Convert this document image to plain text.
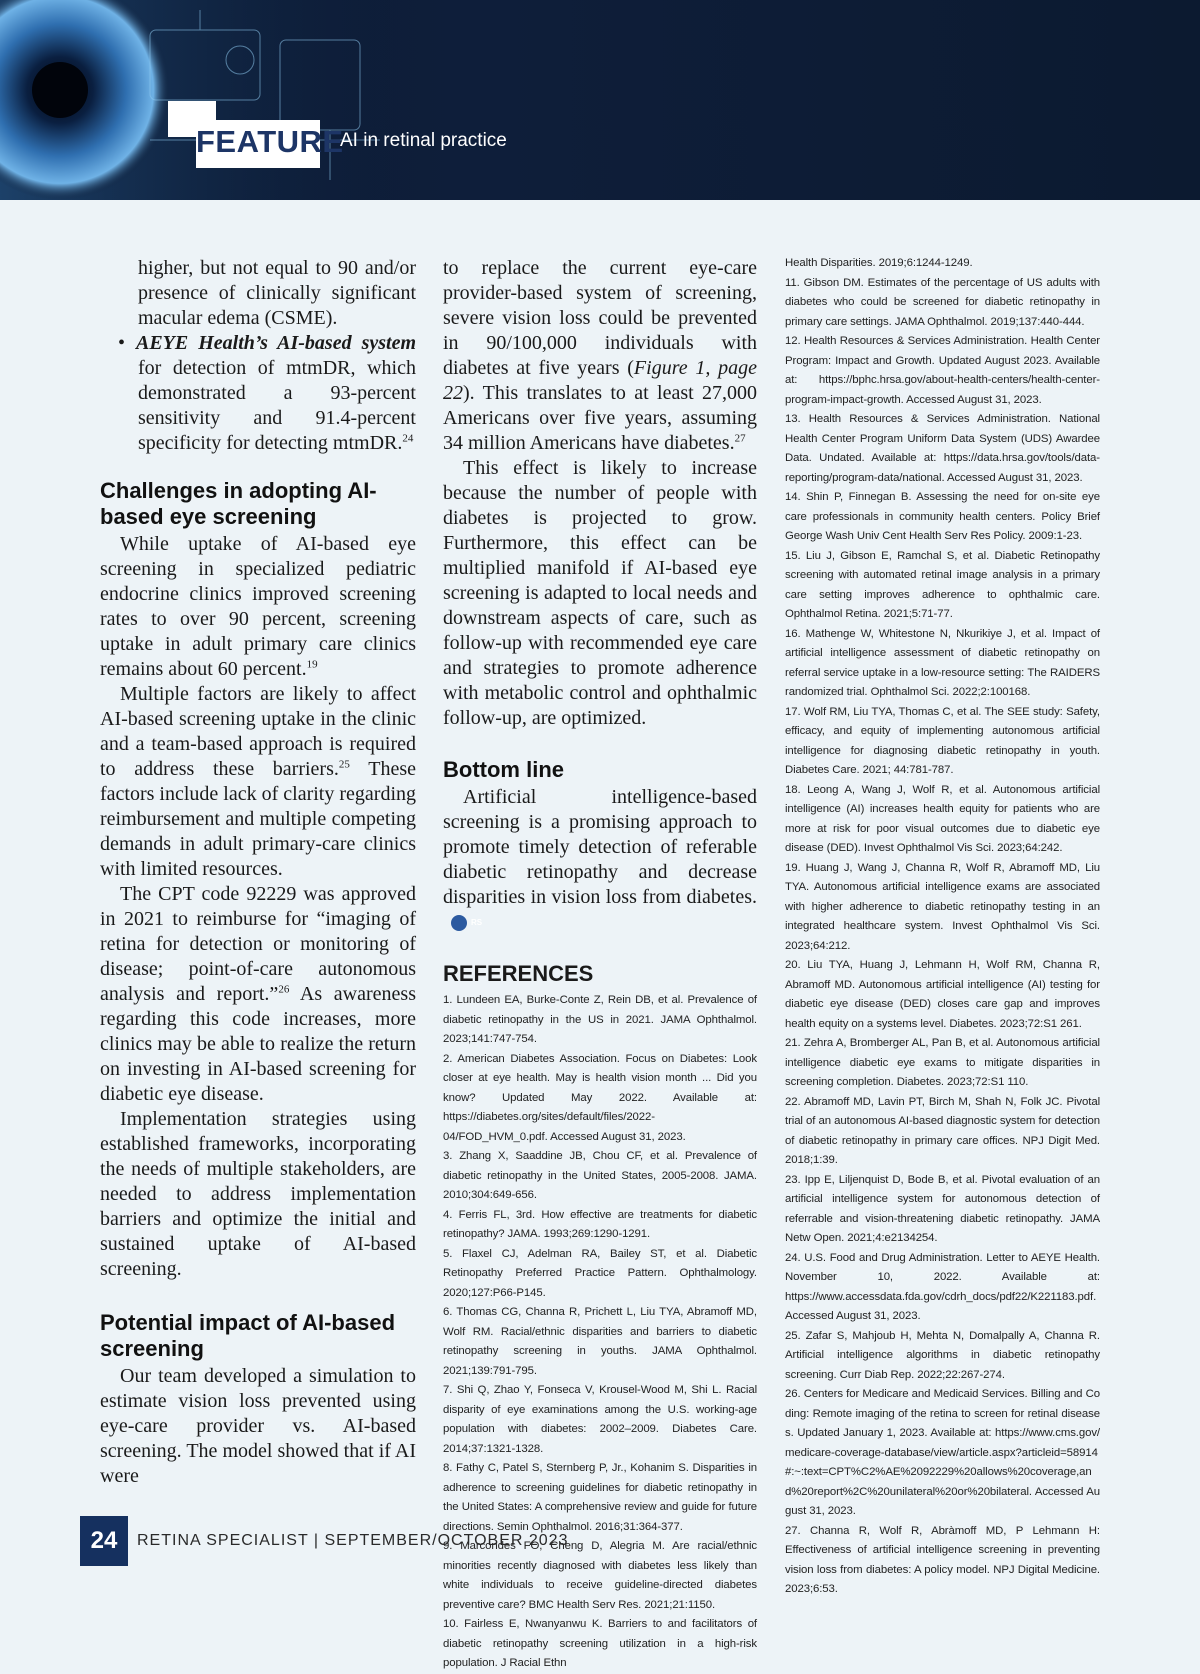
FEATURE
AI in retinal practice

higher, but not equal to 90 and/or presence of clinically significant macular edema (CSME).

• AEYE Health’s AI-based system for detection of mtmDR, which demonstrated a 93-percent sensitivity and 91.4-percent specificity for detecting mtmDR.$^{24}$

Challenges in adopting AI-based eye screening

While uptake of AI-based eye screening in specialized pediatric endocrine clinics improved screening rates to over 90 percent, screening uptake in adult primary care clinics remains about 60 percent.$^{19}$

Multiple factors are likely to affect AI-based screening uptake in the clinic and a team-based approach is required to address these barriers.$^{25}$ These factors include lack of clarity regarding reimbursement and multiple competing demands in adult primary-care clinics with limited resources.

The CPT code 92229 was approved in 2021 to reimburse for “imaging of retina for detection or monitoring of disease; point-of-care autonomous analysis and report.”$^{26}$ As awareness regarding this code increases, more clinics may be able to realize the return on investing in AI-based screening for diabetic eye disease.

Implementation strategies using established frameworks, incorporating the needs of multiple stakeholders, are needed to address implementation barriers and optimize the initial and sustained uptake of AI-based screening.

Potential impact of AI-based screening

Our team developed a simulation to estimate vision loss prevented using eye-care provider vs. AI-based screening. The model showed that if AI were

to replace the current eye-care provider-based system of screening, severe vision loss could be prevented in 90/100,000 individuals with diabetes at five years (Figure 1, page 22). This translates to at least 27,000 Americans over five years, assuming 34 million Americans have diabetes.$^{27}$

This effect is likely to increase because the number of people with diabetes is projected to grow. Furthermore, this effect can be multiplied manifold if AI-based eye screening is adapted to local needs and downstream aspects of care, such as follow-up with recommended eye care and strategies to promote adherence with metabolic control and ophthalmic follow-up, are optimized.

Bottom line

Artificial intelligence-based screening is a promising approach to promote timely detection of referable diabetic retinopathy and decrease disparities in vision loss from diabetes.RS

REFERENCES

1. Lundeen EA, Burke-Conte Z, Rein DB, et al. Prevalence of diabetic retinopathy in the US in 2021. JAMA Ophthalmol. 2023;141:747-754.

2. American Diabetes Association. Focus on Diabetes: Look closer at eye health. May is health vision month ... Did you know? Updated May 2022. Available at: https://diabetes.org/sites/default/files/2022-04/FOD_HVM_0.pdf. Accessed August 31, 2023.

3. Zhang X, Saaddine JB, Chou CF, et al. Prevalence of diabetic retinopathy in the United States, 2005-2008. JAMA. 2010;304:649-656.

4. Ferris FL, 3rd. How effective are treatments for diabetic retinopathy? JAMA. 1993;269:1290-1291.

5. Flaxel CJ, Adelman RA, Bailey ST, et al. Diabetic Retinopathy Preferred Practice Pattern. Ophthalmology. 2020;127:P66-P145.

6. Thomas CG, Channa R, Prichett L, Liu TYA, Abramoff MD, Wolf RM. Racial/ethnic disparities and barriers to diabetic retinopathy screening in youths. JAMA Ophthalmol. 2021;139:791-795.

7. Shi Q, Zhao Y, Fonseca V, Krousel-Wood M, Shi L. Racial disparity of eye examinations among the U.S. working-age population with diabetes: 2002–2009. Diabetes Care. 2014;37:1321-1328.

8. Fathy C, Patel S, Sternberg P, Jr., Kohanim S. Disparities in adherence to screening guidelines for diabetic retinopathy in the United States: A comprehensive review and guide for future directions. Semin Ophthalmol. 2016;31:364-377.

9. Marcondes FO, Cheng D, Alegria M. Are racial/ethnic minorities recently diagnosed with diabetes less likely than white individuals to receive guideline-directed diabetes preventive care? BMC Health Serv Res. 2021;21:1150.

10. Fairless E, Nwanyanwu K. Barriers to and facilitators of diabetic retinopathy screening utilization in a high-risk population. J Racial Ethn

Health Disparities. 2019;6:1244-1249.

11. Gibson DM. Estimates of the percentage of US adults with diabetes who could be screened for diabetic retinopathy in primary care settings. JAMA Ophthalmol. 2019;137:440-444.

12. Health Resources & Services Administration. Health Center Program: Impact and Growth. Updated August 2023. Available at: https://bphc.hrsa.gov/about-health-centers/health-center-program-impact-growth. Accessed August 31, 2023.

13. Health Resources & Services Administration. National Health Center Program Uniform Data System (UDS) Awardee Data. Undated. Available at: https://data.hrsa.gov/tools/data-reporting/program-data/national. Accessed August 31, 2023.

14. Shin P, Finnegan B. Assessing the need for on-site eye care professionals in community health centers. Policy Brief George Wash Univ Cent Health Serv Res Policy. 2009:1-23.

15. Liu J, Gibson E, Ramchal S, et al. Diabetic Retinopathy screening with automated retinal image analysis in a primary care setting improves adherence to ophthalmic care. Ophthalmol Retina. 2021;5:71-77.

16. Mathenge W, Whitestone N, Nkurikiye J, et al. Impact of artificial intelligence assessment of diabetic retinopathy on referral service uptake in a low-resource setting: The RAIDERS randomized trial. Ophthalmol Sci. 2022;2:100168.

17. Wolf RM, Liu TYA, Thomas C, et al. The SEE study: Safety, efficacy, and equity of implementing autonomous artificial intelligence for diagnosing diabetic retinopathy in youth. Diabetes Care. 2021; 44:781-787.

18. Leong A, Wang J, Wolf R, et al. Autonomous artificial intelligence (AI) increases health equity for patients who are more at risk for poor visual outcomes due to diabetic eye disease (DED). Invest Ophthalmol Vis Sci. 2023;64:242.

19. Huang J, Wang J, Channa R, Wolf R, Abramoff MD, Liu TYA. Autonomous artificial intelligence exams are associated with higher adherence to diabetic retinopathy testing in an integrated healthcare system. Invest Ophthalmol Vis Sci. 2023;64:212.

20. Liu TYA, Huang J, Lehmann H, Wolf RM, Channa R, Abramoff MD. Autonomous artificial intelligence (AI) testing for diabetic eye disease (DED) closes care gap and improves health equity on a systems level. Diabetes. 2023;72:S1 261.

21. Zehra A, Bromberger AL, Pan B, et al. Autonomous artificial intelligence diabetic eye exams to mitigate disparities in screening completion. Diabetes. 2023;72:S1 110.

22. Abramoff MD, Lavin PT, Birch M, Shah N, Folk JC. Pivotal trial of an autonomous AI-based diagnostic system for detection of diabetic retinopathy in primary care offices. NPJ Digit Med. 2018;1:39.

23. Ipp E, Liljenquist D, Bode B, et al. Pivotal evaluation of an artificial intelligence system for autonomous detection of referrable and vision-threatening diabetic retinopathy. JAMA Netw Open. 2021;4:e2134254.

24. U.S. Food and Drug Administration. Letter to AEYE Health. November 10, 2022. Available at: https://www.accessdata.fda.gov/cdrh_docs/pdf22/K221183.pdf. Accessed August 31, 2023.

25. Zafar S, Mahjoub H, Mehta N, Domalpally A, Channa R. Artificial intelligence algorithms in diabetic retinopathy screening. Curr Diab Rep. 2022;22:267-274.

26. Centers for Medicare and Medicaid Services. Billing and Coding: Remote imaging of the retina to screen for retinal diseases. Updated January 1, 2023. Available at: https://www.cms.gov/medicare-coverage-database/view/article.aspx?articleid=58914#:~:text=CPT%C2%AE%2092229%20allows%20coverage,and%20report%2C%20unilateral%20or%20bilateral. Accessed August 31, 2023.

27. Channa R, Wolf R, Abràmoff MD, P Lehmann H: Effectiveness of artificial intelligence screening in preventing vision loss from diabetes: A policy model. NPJ Digital Medicine. 2023;6:53.

24	RETINA SPECIALIST | SEPTEMBER/OCTOBER 2023
